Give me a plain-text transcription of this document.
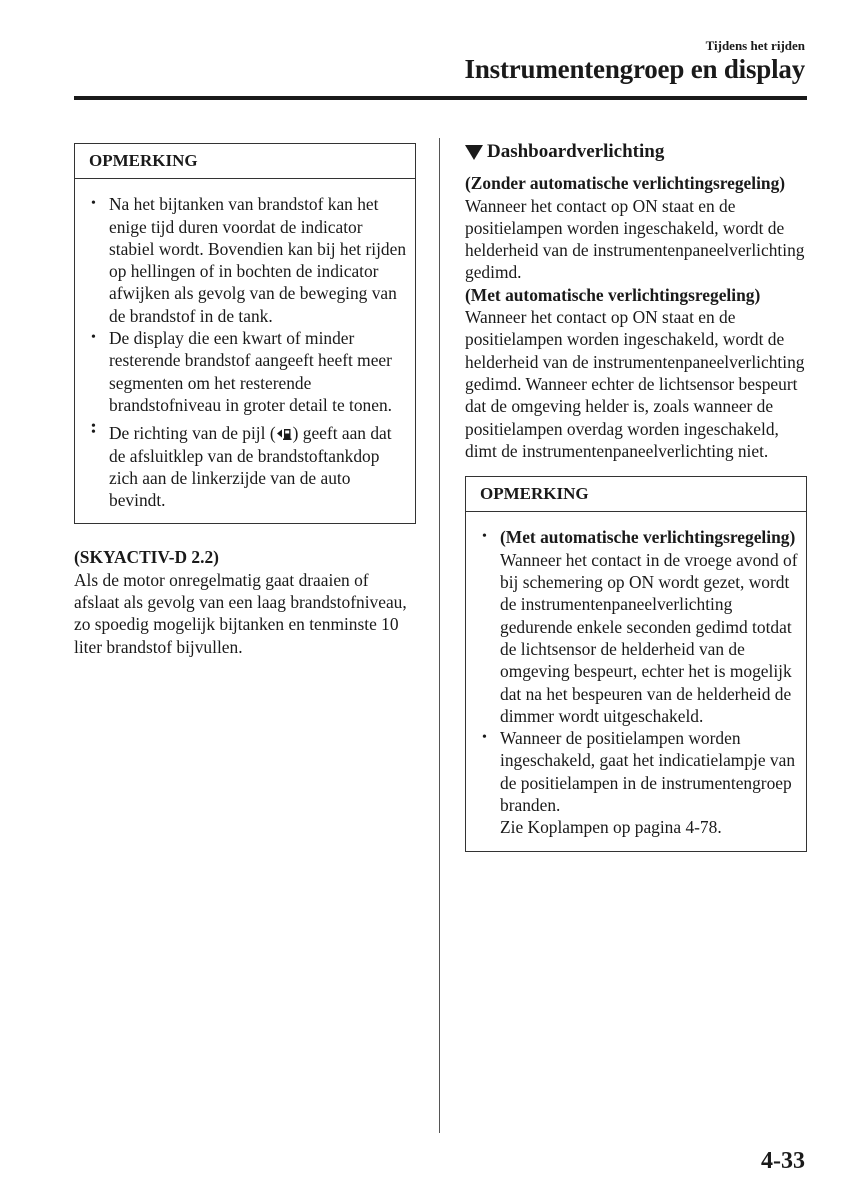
Tijdens het rijden
Instrumentengroep en display
OPMERKING
• Na het bijtanken van brandstof kan het enige tijd duren voordat de indicator stabiel wordt. Bovendien kan bij het rijden op hellingen of in bochten de indicator afwijken als gevolg van de beweging van de brandstof in de tank.
• De display die een kwart of minder resterende brandstof aangeeft heeft meer segmenten om het resterende brandstofniveau in groter detail te tonen.
•
• De richting van de pijl ( ) geeft aan dat de afsluitklep van de brandstoftankdop zich aan de linkerzijde van de auto bevindt.

(SKYACTIV-D 2.2)

Als de motor onregelmatig gaat draaien of afslaat als gevolg van een laag brandstofniveau, zo spoedig mogelijk bijtanken en tenminste 10 liter brandstof bijvullen.

Dashboardverlichting

(Zonder automatische verlichtingsregeling)

Wanneer het contact op ON staat en de positielampen worden ingeschakeld, wordt de helderheid van de instrumentenpaneelverlichting gedimd.

(Met automatische verlichtingsregeling)

Wanneer het contact op ON staat en de positielampen worden ingeschakeld, wordt de helderheid van de instrumentenpaneelverlichting gedimd. Wanneer echter de lichtsensor bespeurt dat de omgeving helder is, zoals wanneer de positielampen overdag worden ingeschakeld, dimt de instrumentenpaneelverlichting niet.

OPMERKING
• (Met automatische verlichtingsregeling)
Wanneer het contact in de vroege avond of bij schemering op ON wordt gezet, wordt de instrumentenpaneelverlichting gedurende enkele seconden gedimd totdat de lichtsensor de helderheid van de omgeving bespeurt, echter het is mogelijk dat na het bespeuren van de helderheid de dimmer wordt uitgeschakeld.
• Wanneer de positielampen worden ingeschakeld, gaat het indicatielampje van de positielampen in de instrumentengroep branden.
Zie Koplampen op pagina 4-78.
4-33
